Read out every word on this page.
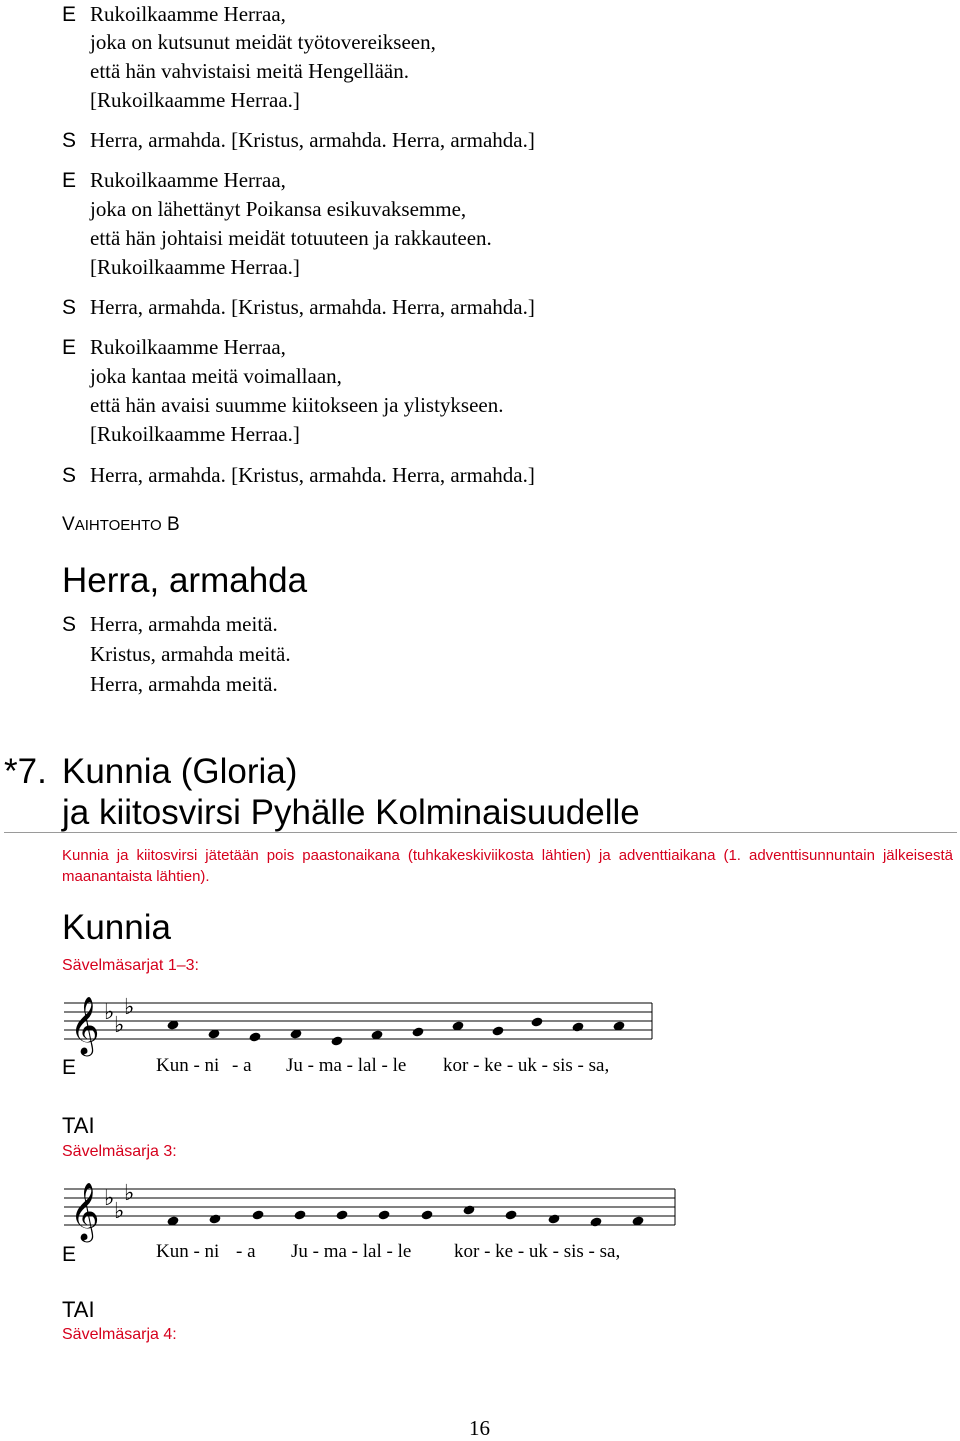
E Rukoilkaamme Herraa,
joka on kutsunut meidät työtovereikseen,
että hän vahvistaisi meitä Hengellään.
[Rukoilkaamme Herraa.]
S Herra, armahda. [Kristus, armahda. Herra, armahda.]
E Rukoilkaamme Herraa,
joka on lähettänyt Poikansa esikuvaksemme,
että hän johtaisi meidät totuuteen ja rakkauteen.
[Rukoilkaamme Herraa.]
S Herra, armahda. [Kristus, armahda. Herra, armahda.]
E Rukoilkaamme Herraa,
joka kantaa meitä voimallaan,
että hän avaisi suumme kiitokseen ja ylistykseen.
[Rukoilkaamme Herraa.]
S Herra, armahda. [Kristus, armahda. Herra, armahda.]
VAIHTOEHTO B
Herra, armahda
S Herra, armahda meitä.
Kristus, armahda meitä.
Herra, armahda meitä.
*7. Kunnia (Gloria)
ja kiitosvirsi Pyhälle Kolminaisuudelle
Kunnia ja kiitosvirsi jätetään pois paastonaikana (tuhkakeskiviikosta lähtien) ja adventtiaikana (1. adventtisunnuntain jälkeisestä maanantaista lähtien).
Kunnia
Sävelmäsarjat 1–3:
𝄞 ♭
♭
♭
𝄞 ♭
♭
♭
E	Kun - ni - a Ju - ma - lal - le kor - ke - uk - sis - sa,
TAI
Sävelmäsarja 3:
E	Kun - ni - a Ju - ma - lal - le kor - ke - uk - sis - sa,
TAI
Sävelmäsarja 4:
16
